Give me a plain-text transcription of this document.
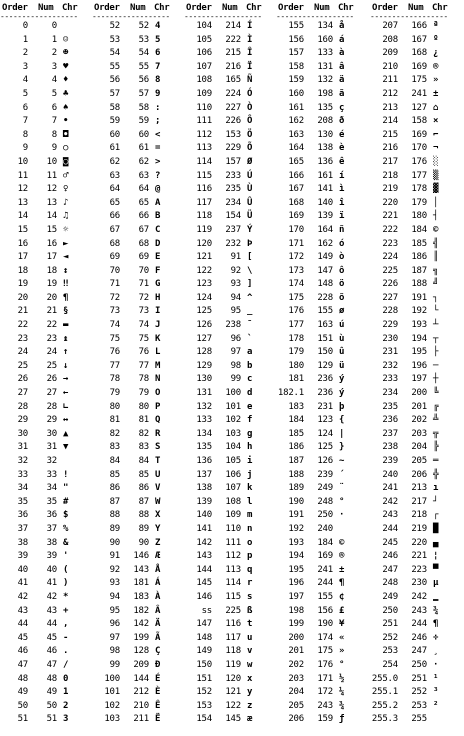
Order Num Chr
------------------
0	0
1	1 ☺
2	2 ☻
3	3 ♥
4	4 ♦
5	5 ♣
6	6 ♠
7	7 •
8	8 ◘
9	9 ○
10 10 ◙
11 11 ♂
12 12 ♀
13 13 ♪
14 14 ♫
15 15 ☼
16 16 ►
17 17 ◄
18 18 ↕
19 19 ‼
20 20 ¶
21 21 §
22 22 ▬
23 23 ↨
24 24 ↑
25 25 ↓
26 26 →
27 27 ←
28 28 ∟
29 29 ↔
30 30 ▲
31 31 ▼
32 32
33 33 !
34 34 "
35 35 #
36 36 $
37 37 %
38 38 &
39 39 '
40 40 (
41 41 )
42 42 *
43 43 +
44 44 ,
45 45 -
46 46 .
47 47 /
48 48 0
49 49 1
50 50 2
51 51 3
Order Num Chr
------------------
52 52 4
53 53 5
54 54 6
55 55 7
56 56 8
57 57 9
58 58 :
59 59 ;
60 60 <
61 61 =
62 62 >
63 63 ?
64 64 @
65 65 A
66 66 B
67 67 C
68 68 D
69 69 E
70 70 F
71 71 G
72 72 H
73 73 I
74 74 J
75 75 K
76 76 L
77 77 M
78 78 N
79 79 O
80 80 P
81 81 Q
82 82 R
83 83 S
84 84 T
85 85 U
86 86 V
87 87 W
88 88 X
89 89 Y
90 90 Z
91 146 Æ
92 143 Å
93 181 Á
94 183 À
95 182 Â
96 142 Ä
97 199 Ã
98 128 Ç
99 209 Ð
100 144 É
101 212 È
102 210 Ê
103 211 Ë
Order Num Chr
------------------
104 214 Í
105 222 Ì
106 215 Î
107 216 Ï
108 165 Ñ
109 224 Ó
110 227 Ò
111 226 Ô
112 153 Ö
113 229 Õ
114 157 Ø
115 233 Ú
116 235 Ù
117 234 Û
118 154 Ü
119 237 Ý
120 232 Þ
121 91 [
122 92 \
123 93 ]
124 94 ^
125 95 _
126 238 ¯
127 96 `
128 97 a
129 98 b
130 99 c
131 100 d
132 101 e
133 102 f
134 103 g
135 104 h
136 105 i
137 106 j
138 107 k
139 108 l
140 109 m
141 110 n
142 111 o
143 112 p
144 113 q
145 114 r
146 115 s
ss 225 ß
147 116 t
148 117 u
149 118 v
150 119 w
151 120 x
152 121 y
153 122 z
154 145 æ
Order Num Chr
------------------
155 134 å
156 160 á
157 133 à
158 131 â
159 132 ä
160 198 ã
161 135 ç
162 208 ð
163 130 é
164 138 è
165 136 ê
166 161 í
167 141 ì
168 140 î
169 139 ï
170 164 ñ
171 162 ó
172 149 ò
173 147 ô
174 148 ö
175 228 õ
176 155 ø
177 163 ú
178 151 ù
179 150 û
180 129 ü
181 236 ý
182.1 236 ý
183 231 þ
184 123 {
185 124 |
186 125 }
187 126 ~
188 239 ´
189 249 ¨
190 248 °
191 250 ·
192 240
193 184 ©
194 169 ®
195 241 ±
196 244 ¶
197 155 ¢
198 156 £
199 190 ¥
200 174 «
201 175 »
202 176 °
203 171 ½
204 172 ¼
205 243 ¾
206 159 ƒ
Order Num Chr
------------------
207 166 ª
208 167 º
209 168 ¿
210 169 ®
211 175 »
212 241 ±
213 127 ⌂
214 158 ×
215 169 ⌐
216 170 ¬
217 176 ░
218 177 ▒
219 178 ▓
220 179 │
221 180 ┤
222 184 ©
223 185 ╣
224 186 ║
225 187 ╗
226 188 ╝
227 191 ┐
228 192 └
229 193 ┴
230 194 ┬
231 195 ├
232 196 ─
233 197 ┼
234 200 ╚
235 201 ╔
236 202 ╩
237 203 ╦
238 204 ╠
239 205 ═
240 206 ╬
241 213 ı
242 217 ┘
243 218 ┌
244 219 █
245 220 ▄
246 221 ¦
247 223 ▀
248 230 µ
249 242 ‗
250 243 ¾
251 244 ¶
252 246 ÷
253 247 ¸
254 250 ·
255.0 251 ¹
255.1 252 ³
255.2 253 ²
255.3 255
